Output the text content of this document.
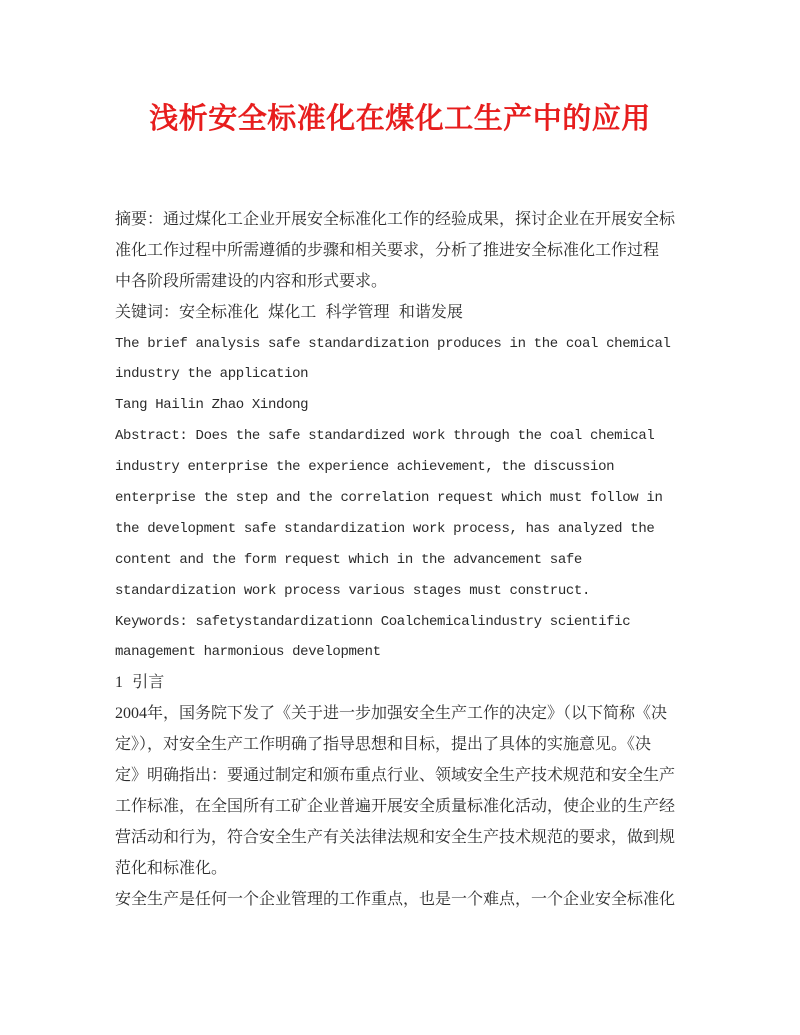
浅析安全标准化在煤化工生产中的应用
摘要：通过煤化工企业开展安全标准化工作的经验成果，探讨企业在开展安全标
准化工作过程中所需遵循的步骤和相关要求，分析了推进安全标准化工作过程
中各阶段所需建设的内容和形式要求。
关键词：安全标准化 煤化工 科学管理 和谐发展
The brief analysis safe standardization produces in the coal chemical
industry the application
Tang Hailin Zhao Xindong
Abstract: Does the safe standardized work through the coal chemical
industry enterprise the experience achievement, the discussion
enterprise the step and the correlation request which must follow in
the development safe standardization work process, has analyzed the
content and the form request which in the advancement safe
standardization work process various stages must construct.
Keywords: safetystandardizationn Coalchemicalindustry scientific
management harmonious development
1 引言
2004年，国务院下发了《关于进一步加强安全生产工作的决定》（以下简称《决
定》），对安全生产工作明确了指导思想和目标，提出了具体的实施意见。《决
定》明确指出：要通过制定和颁布重点行业、领域安全生产技术规范和安全生产
工作标准，在全国所有工矿企业普遍开展安全质量标准化活动，使企业的生产经
营活动和行为，符合安全生产有关法律法规和安全生产技术规范的要求，做到规
范化和标准化。
安全生产是任何一个企业管理的工作重点，也是一个难点，一个企业安全标准化
